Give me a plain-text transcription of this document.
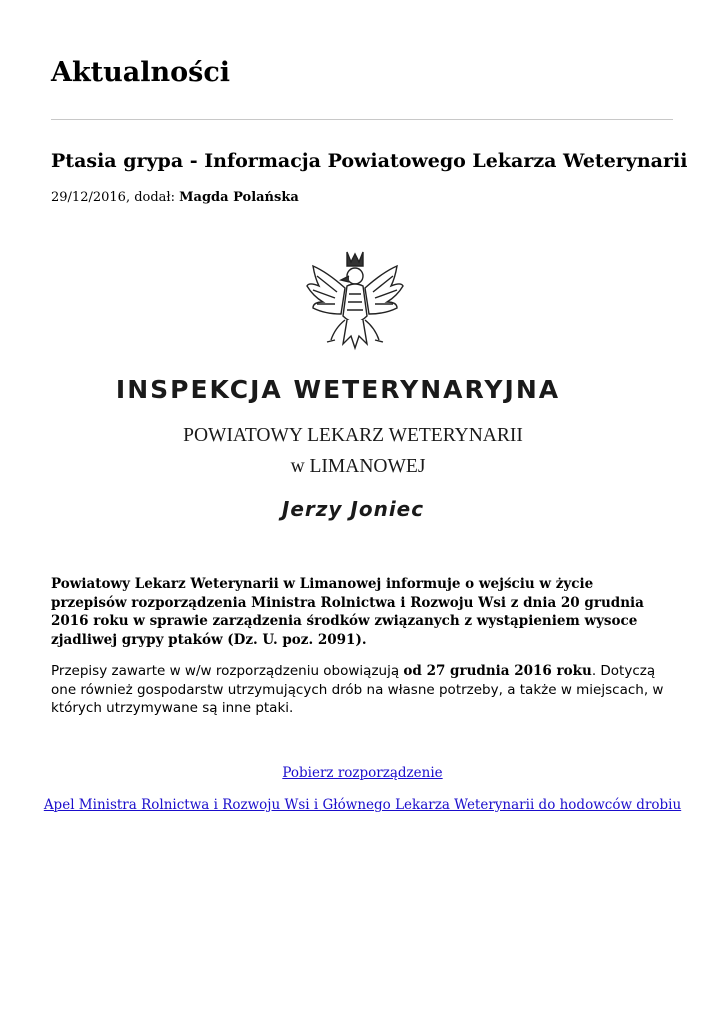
Aktualności
Ptasia grypa - Informacja Powiatowego Lekarza Weterynarii
29/12/2016, dodał: Magda Polańska
INSPEKCJA WETERYNARYJNA
POWIATOWY LEKARZ WETERYNARII
w LIMANOWEJ
Jerzy Joniec

Powiatowy Lekarz Weterynarii w Limanowej informuje o wejściu w życie przepisów rozporządzenia Ministra Rolnictwa i Rozwoju Wsi z dnia 20 grudnia 2016 roku w sprawie zarządzenia środków związanych z wystąpieniem wysoce zjadliwej grypy ptaków (Dz. U. poz. 2091).

Przepisy zawarte w w/w rozporządzeniu obowiązują od 27 grudnia 2016 roku. Dotyczą one również gospodarstw utrzymujących drób na własne potrzeby, a także w miejscach, w których utrzymywane są inne ptaki.

Pobierz rozporządzenie
Apel Ministra Rolnictwa i Rozwoju Wsi i Głównego Lekarza Weterynarii do hodowców drobiu
